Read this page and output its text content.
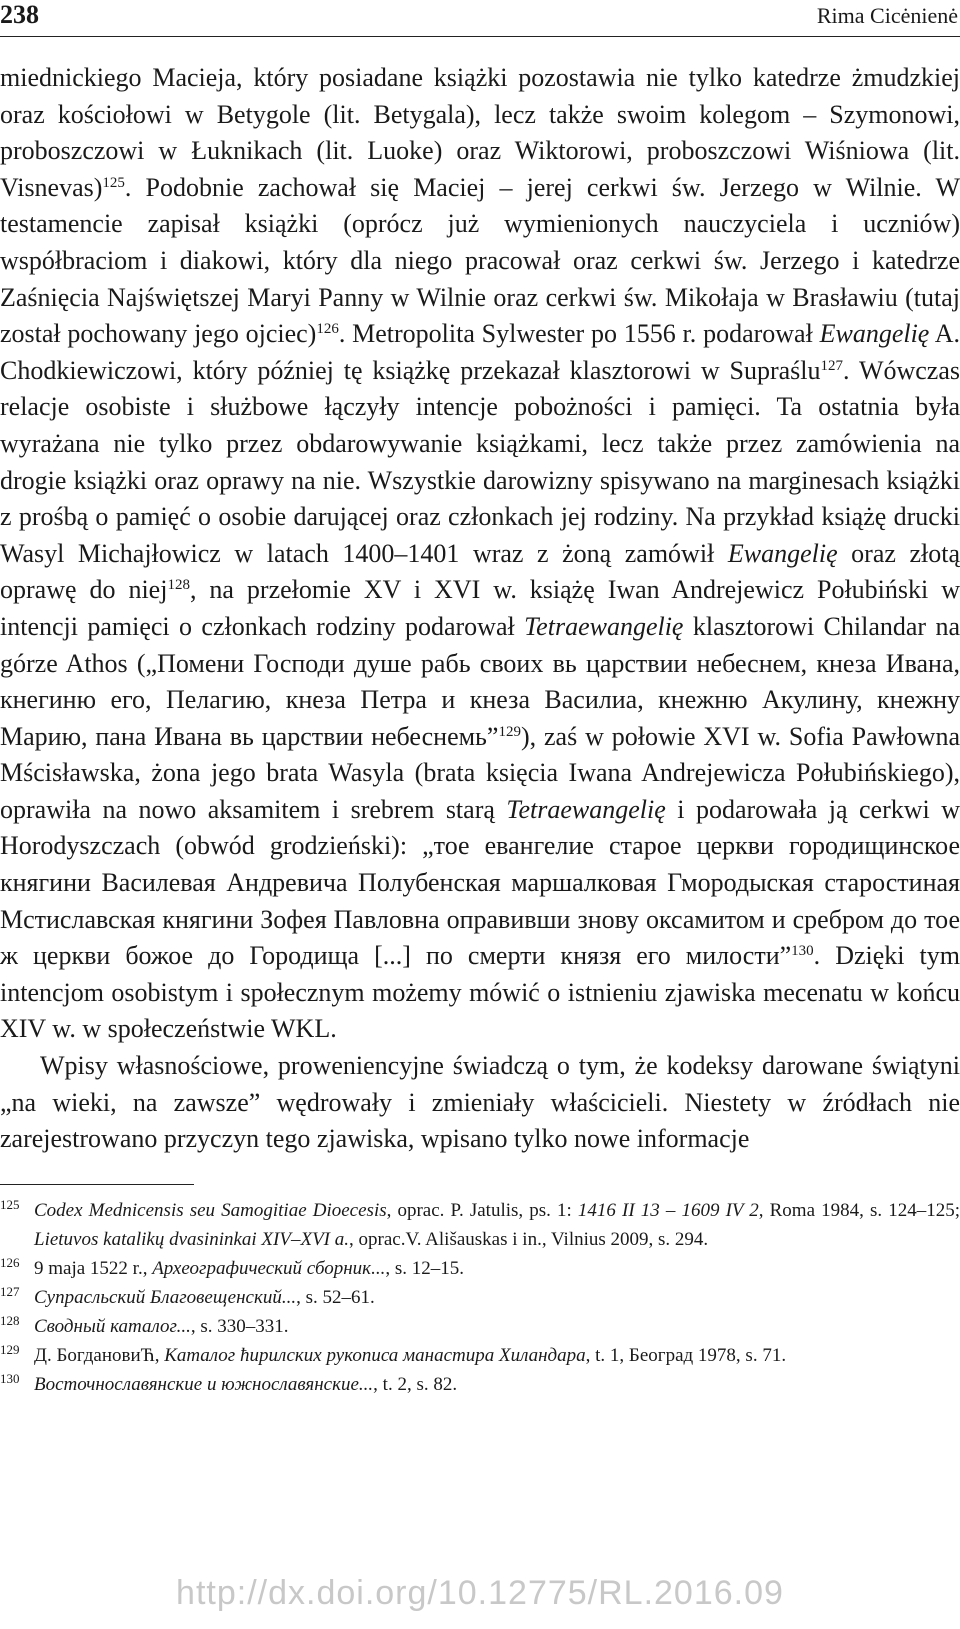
238	Rima Cicėnienė

miednickiego Macieja, który posiadane książki pozostawia nie tylko katedrze żmudzkiej oraz kościołowi w Betygole (lit. Betygala), lecz także swoim kolegom – Szymonowi, proboszczowi w Łuknikach (lit. Luoke) oraz Wiktorowi, proboszczowi Wiśniowa (lit. Visnevas)$^{125}$. Podobnie zachował się Maciej – jerej cerkwi św. Jerzego w Wilnie. W testamencie zapisał książki (oprócz już wymienionych nauczyciela i uczniów) współbraciom i diakowi, który dla niego pracował oraz cerkwi św. Jerzego i katedrze Zaśnięcia Najświętszej Maryi Panny w Wilnie oraz cerkwi św. Mikołaja w Brasławiu (tutaj został pochowany jego ojciec)$^{126}$. Metropolita Sylwester po 1556 r. podarował Ewangelię A. Chodkiewiczowi, który później tę książkę przekazał klasztorowi w Supraślu$^{127}$. Wówczas relacje osobiste i służbowe łączyły intencje pobożności i pamięci. Ta ostatnia była wyrażana nie tylko przez obdarowywanie książkami, lecz także przez zamówienia na drogie książki oraz oprawy na nie. Wszystkie darowizny spisywano na marginesach książki z prośbą o pamięć o osobie darującej oraz członkach jej rodziny. Na przykład książę drucki Wasyl Michajłowicz w latach 1400–1401 wraz z żoną zamówił Ewangelię oraz złotą oprawę do niej$^{128}$, na przełomie XV i XVI w. książę Iwan Andrejewicz Połubiński w intencji pamięci o członkach rodziny podarował Tetraewangelię klasztorowi Chilandar na górze Athos („Помени Господи душе рабь своих вь царствии небеснем, кнеза Ивана, кнегиню его, Пелагию, кнеза Петра и кнеза Василиа, кнежню Акулину, кнежну Марию, пана Ивана вь царствии небеснемь”$^{129}$), zaś w połowie XVI w. Sofia Pawłowna Mścisławska, żona jego brata Wasyla (brata księcia Iwana Andrejewicza Połubińskiego), oprawiła na nowo aksamitem i srebrem starą Tetraewangelię i podarowała ją cerkwi w Horodyszczach (obwód grodzieński): „тое евангелие старое церкви городищинское княгини Василевая Андревича Полубенская маршалковая Гмородыская старостиная Мстиславская княгини Зофея Павловна оправивши знову оксамитом и сребром до тое ж церкви божое до Городища [...] по смерти князя его милости”$^{130}$. Dzięki tym intencjom osobistym i społecznym możemy mówić o istnieniu zjawiska mecenatu w końcu XIV w. w społeczeństwie WKL.

Wpisy własnościowe, proweniencyjne świadczą o tym, że kodeksy darowane świątyni „na wieki, na zawsze” wędrowały i zmieniały właścicieli. Niestety w źródłach nie zarejestrowano przyczyn tego zjawiska, wpisano tylko nowe informacje

125 Codex Mednicensis seu Samogitiae Dioecesis, oprac. P. Jatulis, ps. 1: 1416 II 13 – 1609 IV 2, Roma 1984, s. 124–125; Lietuvos katalikų dvasininkai XIV–XVI a., oprac.V. Ališauskas i in., Vilnius 2009, s. 294.
126 9 maja 1522 r., Археографический сборник..., s. 12–15.
127 Супрасльский Благовещенский..., s. 52–61.
128 Сводный каталог..., s. 330–331.
129 Д. БогдановиЋ, Каталог ћирилских рукописа манастира Хиландара, t. 1, Београд 1978, s. 71.
130 Восточнославянские и южнославянские..., t. 2, s. 82.
http://dx.doi.org/10.12775/RL.2016.09
